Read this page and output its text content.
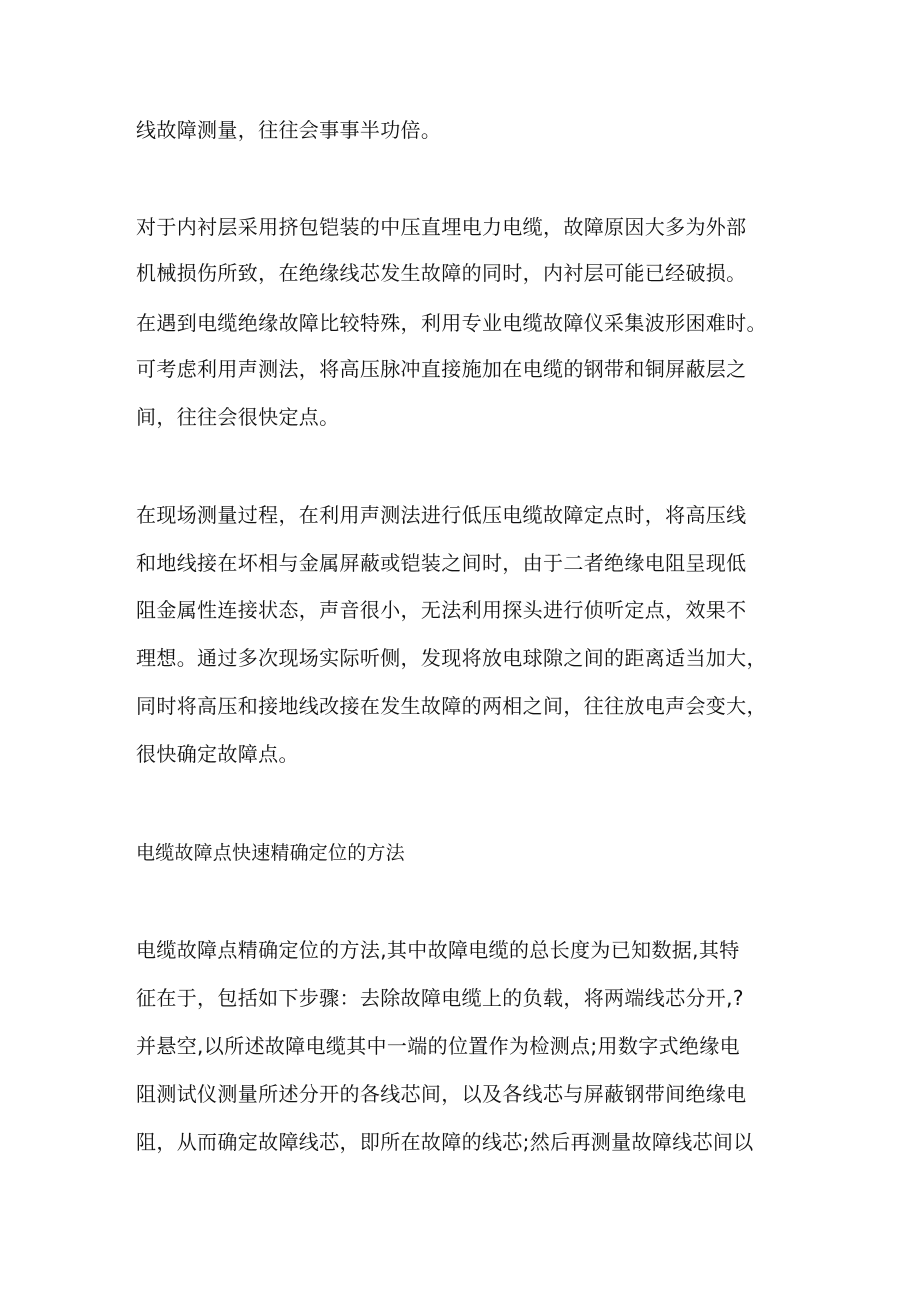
线故障测量，往往会事事半功倍。
对于内衬层采用挤包铠装的中压直埋电力电缆，故障原因大多为外部
机械损伤所致，在绝缘线芯发生故障的同时，内衬层可能已经破损。
在遇到电缆绝缘故障比较特殊，利用专业电缆故障仪采集波形困难时。
可考虑利用声测法，将高压脉冲直接施加在电缆的钢带和铜屏蔽层之
间，往往会很快定点。
在现场测量过程，在利用声测法进行低压电缆故障定点时，将高压线
和地线接在坏相与金属屏蔽或铠装之间时，由于二者绝缘电阻呈现低
阻金属性连接状态，声音很小，无法利用探头进行侦听定点，效果不
理想。通过多次现场实际听侧，发现将放电球隙之间的距离适当加大，
同时将高压和接地线改接在发生故障的两相之间，往往放电声会变大，
很快确定故障点。
电缆故障点快速精确定位的方法
电缆故障点精确定位的方法,其中故障电缆的总长度为已知数据,其特
征在于，包括如下步骤：去除故障电缆上的负载，将两端线芯分开,?
并悬空,以所述故障电缆其中一端的位置作为检测点;用数字式绝缘电
阻测试仪测量所述分开的各线芯间，以及各线芯与屏蔽钢带间绝缘电
阻，从而确定故障线芯，即所在故障的线芯;然后再测量故障线芯间以
